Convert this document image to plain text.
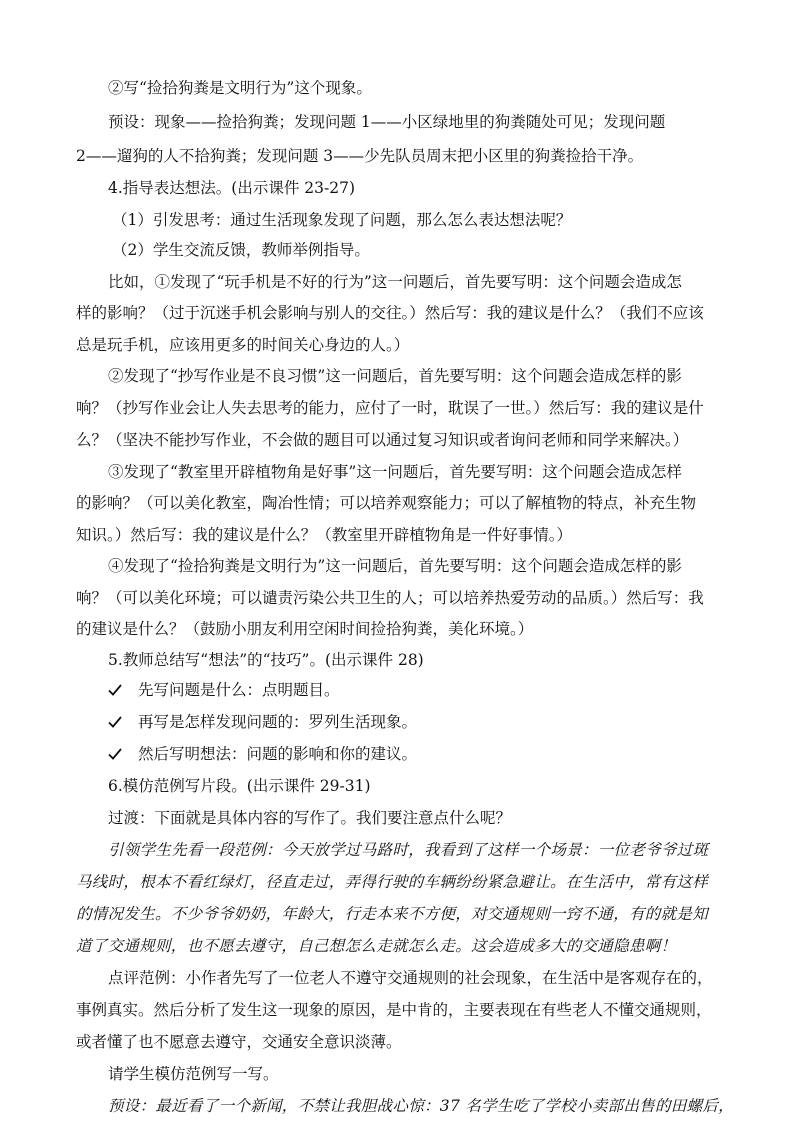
②写“捡拾狗粪是文明行为”这个现象。
预设：现象——捡拾狗粪；发现问题 1——小区绿地里的狗粪随处可见；发现问题
2——遛狗的人不拾狗粪；发现问题 3——少先队员周末把小区里的狗粪捡拾干净。
4.指导表达想法。(出示课件 23-27)
（1）引发思考：通过生活现象发现了问题，那么怎么表达想法呢？
（2）学生交流反馈，教师举例指导。
比如，①发现了“玩手机是不好的行为”这一问题后，首先要写明：这个问题会造成怎
样的影响？（过于沉迷手机会影响与别人的交往。）然后写：我的建议是什么？（我们不应该
总是玩手机，应该用更多的时间关心身边的人。）
②发现了“抄写作业是不良习惯”这一问题后，首先要写明：这个问题会造成怎样的影
响？（抄写作业会让人失去思考的能力，应付了一时，耽误了一世。）然后写：我的建议是什
么？（坚决不能抄写作业，不会做的题目可以通过复习知识或者询问老师和同学来解决。）
③发现了“教室里开辟植物角是好事”这一问题后，首先要写明：这个问题会造成怎样
的影响？（可以美化教室，陶冶性情；可以培养观察能力；可以了解植物的特点，补充生物
知识。）然后写：我的建议是什么？（教室里开辟植物角是一件好事情。）
④发现了“捡拾狗粪是文明行为”这一问题后，首先要写明：这个问题会造成怎样的影
响？（可以美化环境；可以谴责污染公共卫生的人；可以培养热爱劳动的品质。）然后写：我
的建议是什么？（鼓励小朋友利用空闲时间捡拾狗粪，美化环境。）
5.教师总结写“想法”的“技巧”。(出示课件 28)
先写问题是什么：点明题目。
再写是怎样发现问题的：罗列生活现象。
然后写明想法：问题的影响和你的建议。
6.模仿范例写片段。(出示课件 29-31)
过渡：下面就是具体内容的写作了。我们要注意点什么呢？
引领学生先看一段范例：今天放学过马路时，我看到了这样一个场景：一位老爷爷过斑
马线时，根本不看红绿灯，径直走过，弄得行驶的车辆纷纷紧急避让。在生活中，常有这样
的情况发生。不少爷爷奶奶，年龄大，行走本来不方便，对交通规则一窍不通，有的就是知
道了交通规则，也不愿去遵守，自己想怎么走就怎么走。这会造成多大的交通隐患啊！
点评范例：小作者先写了一位老人不遵守交通规则的社会现象，在生活中是客观存在的，
事例真实。然后分析了发生这一现象的原因，是中肯的，主要表现在有些老人不懂交通规则，
或者懂了也不愿意去遵守，交通安全意识淡薄。
请学生模仿范例写一写。
预设：最近看了一个新闻，不禁让我胆战心惊：37 名学生吃了学校小卖部出售的田螺后，
